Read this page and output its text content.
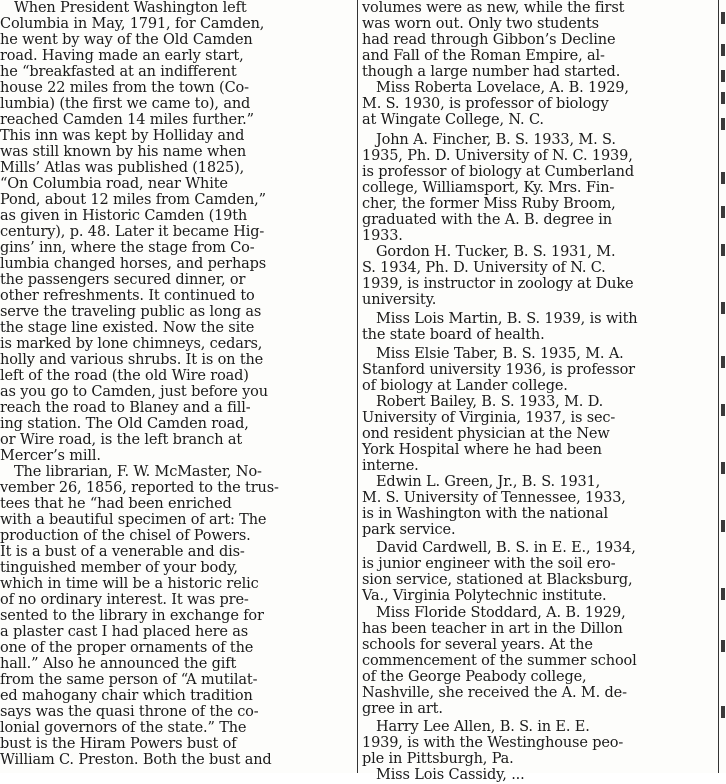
When President Washington left
Columbia in May, 1791, for Camden,
he went by way of the Old Camden
road. Having made an early start,
he “breakfasted at an indifferent
house 22 miles from the town (Co-
lumbia) (the first we came to), and
reached Camden 14 miles further.”
This inn was kept by Holliday and
was still known by his name when
Mills’ Atlas was published (1825),
“On Columbia road, near White
Pond, about 12 miles from Camden,”
as given in Historic Camden (19th
century), p. 48. Later it became Hig-
gins’ inn, where the stage from Co-
lumbia changed horses, and perhaps
the passengers secured dinner, or
other refreshments. It continued to
serve the traveling public as long as
the stage line existed. Now the site
is marked by lone chimneys, cedars,
holly and various shrubs. It is on the
left of the road (the old Wire road)
as you go to Camden, just before you
reach the road to Blaney and a fill-
ing station. The Old Camden road,
or Wire road, is the left branch at
Mercer’s mill.
The librarian, F. W. McMaster, No-
vember 26, 1856, reported to the trus-
tees that he “had been enriched
with a beautiful specimen of art: The
production of the chisel of Powers.
It is a bust of a venerable and dis-
tinguished member of your body,
which in time will be a historic relic
of no ordinary interest. It was pre-
sented to the library in exchange for
a plaster cast I had placed here as
one of the proper ornaments of the
hall.” Also he announced the gift
from the same person of “A mutilat-
ed mahogany chair which tradition
says was the quasi throne of the co-
lonial governors of the state.” The
bust is the Hiram Powers bust of
William C. Preston. Both the bust and
volumes were as new, while the first
was worn out. Only two students
had read through Gibbon’s Decline
and Fall of the Roman Empire, al-
though a large number had started.
Miss Roberta Lovelace, A. B. 1929,
M. S. 1930, is professor of biology
at Wingate College, N. C.
John A. Fincher, B. S. 1933, M. S.
1935, Ph. D. University of N. C. 1939,
is professor of biology at Cumberland
college, Williamsport, Ky. Mrs. Fin-
cher, the former Miss Ruby Broom,
graduated with the A. B. degree in
1933.
Gordon H. Tucker, B. S. 1931, M.
S. 1934, Ph. D. University of N. C.
1939, is instructor in zoology at Duke
university.
Miss Lois Martin, B. S. 1939, is with
the state board of health.
Miss Elsie Taber, B. S. 1935, M. A.
Stanford university 1936, is professor
of biology at Lander college.
Robert Bailey, B. S. 1933, M. D.
University of Virginia, 1937, is sec-
ond resident physician at the New
York Hospital where he had been
interne.
Edwin L. Green, Jr., B. S. 1931,
M. S. University of Tennessee, 1933,
is in Washington with the national
park service.
David Cardwell, B. S. in E. E., 1934,
is junior engineer with the soil ero-
sion service, stationed at Blacksburg,
Va., Virginia Polytechnic institute.
Miss Floride Stoddard, A. B. 1929,
has been teacher in art in the Dillon
schools for several years. At the
commencement of the summer school
of the George Peabody college,
Nashville, she received the A. M. de-
gree in art.
Harry Lee Allen, B. S. in E. E.
1939, is with the Westinghouse peo-
ple in Pittsburgh, Pa.
Miss Lois Cassidy, ...
